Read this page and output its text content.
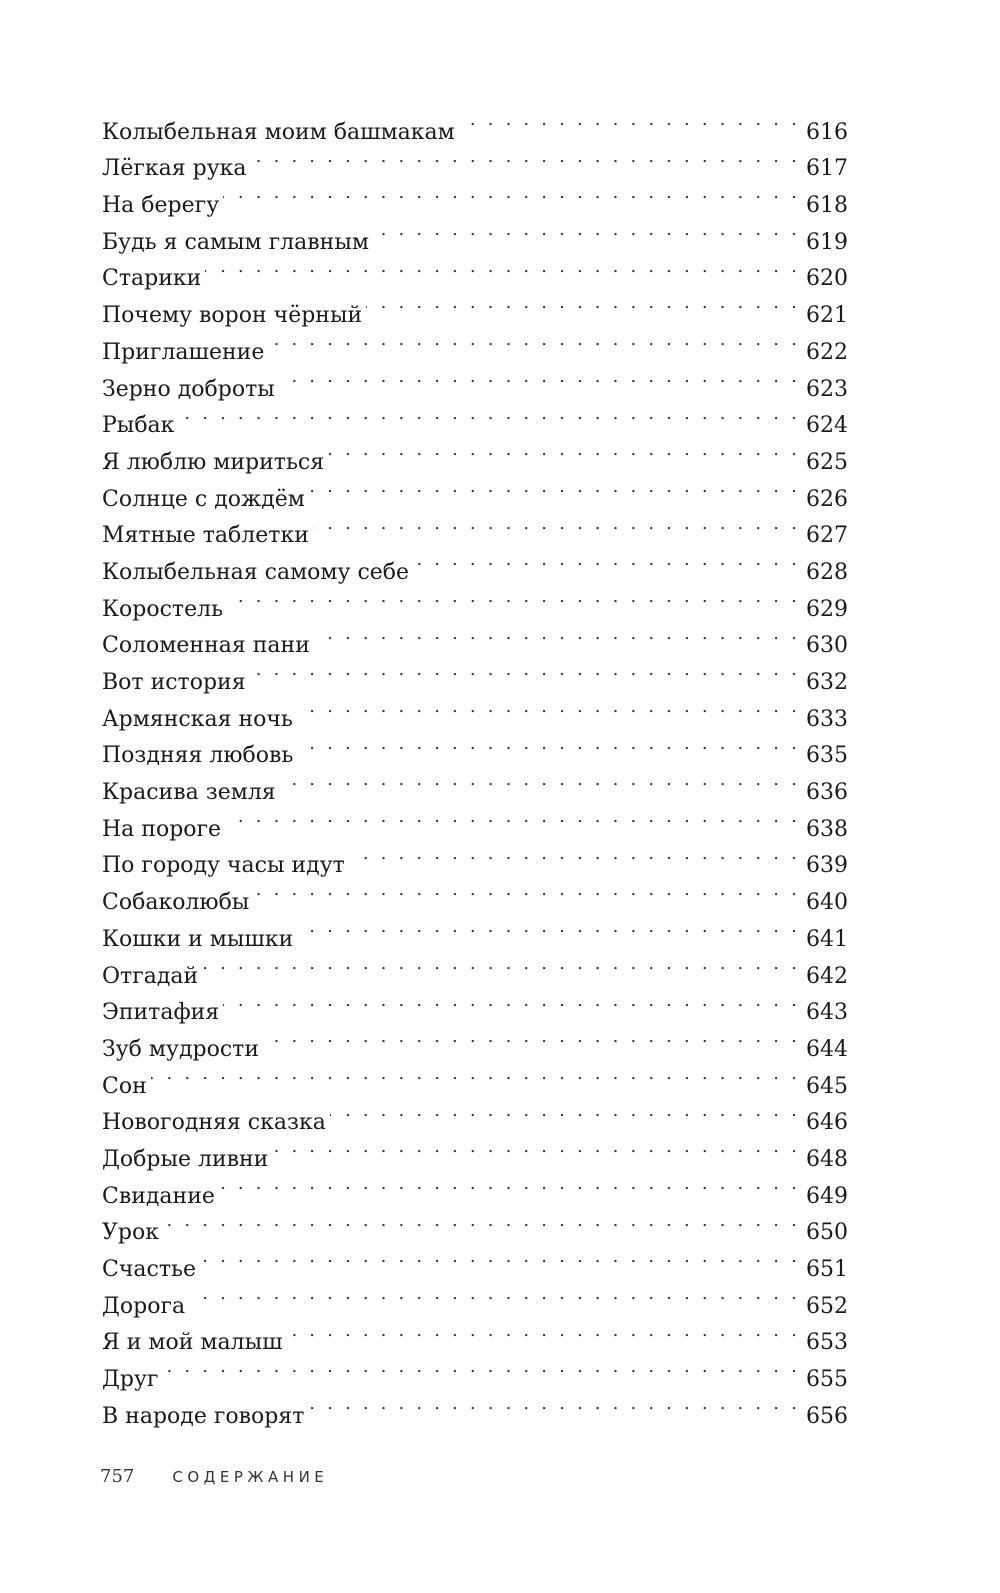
Колыбельная моим башмакам . . .	616
Лёгкая рука . . .	617
На берегу . . .	618
Будь я самым главным . . .	619
Старики . . .	620
Почему ворон чёрный . . .	621
Приглашение . . .	622
Зерно доброты . . .	623
Рыбак . . .	624
Я люблю мириться . . .	625
Солнце с дождём . . .	626
Мятные таблетки . . .	627
Колыбельная самому себе . . .	628
Коростель . . .	629
Соломенная пани . . .	630
Вот история . . .	632
Армянская ночь . . .	633
Поздняя любовь . . .	635
Красива земля . . .	636
На пороге . . .	638
По городу часы идут . . .	639
Собаколюбы . . .	640
Кошки и мышки . . .	641
Отгадай . . .	642
Эпитафия . . .	643
Зуб мудрости . . .	644
Сон . . .	645
Новогодняя сказка . . .	646
Добрые ливни . . .	648
Свидание . . .	649
Урок . . .	650
Счастье . . .	651
Дорога . . .	652
Я и мой малыш . . .	653
Друг . . .	655
В народе говорят . . .	656
757	СОДЕРЖАНИЕ
